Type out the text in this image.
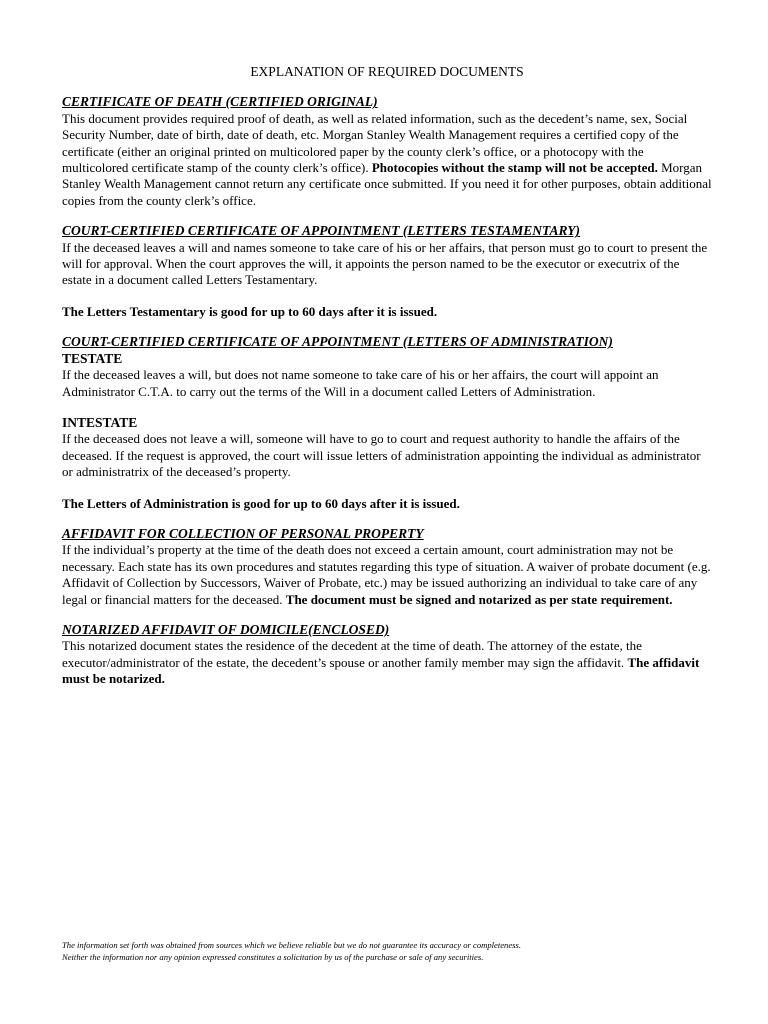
EXPLANATION OF REQUIRED DOCUMENTS
CERTIFICATE OF DEATH (CERTIFIED ORIGINAL)

This document provides required proof of death, as well as related information, such as the decedent’s name, sex, Social Security Number, date of birth, date of death, etc. Morgan Stanley Wealth Management requires a certified copy of the certificate (either an original printed on multicolored paper by the county clerk’s office, or a photocopy with the multicolored certificate stamp of the county clerk’s office). Photocopies without the stamp will not be accepted. Morgan Stanley Wealth Management cannot return any certificate once submitted. If you need it for other purposes, obtain additional copies from the county clerk’s office.

COURT-CERTIFIED CERTIFICATE OF APPOINTMENT (LETTERS TESTAMENTARY)

If the deceased leaves a will and names someone to take care of his or her affairs, that person must go to court to present the will for approval. When the court approves the will, it appoints the person named to be the executor or executrix of the estate in a document called Letters Testamentary.

The Letters Testamentary is good for up to 60 days after it is issued.

COURT-CERTIFIED CERTIFICATE OF APPOINTMENT (LETTERS OF ADMINISTRATION)
TESTATE

If the deceased leaves a will, but does not name someone to take care of his or her affairs, the court will appoint an Administrator C.T.A. to carry out the terms of the Will in a document called Letters of Administration.

INTESTATE

If the deceased does not leave a will, someone will have to go to court and request authority to handle the affairs of the deceased. If the request is approved, the court will issue letters of administration appointing the individual as administrator or administratrix of the deceased’s property.

The Letters of Administration is good for up to 60 days after it is issued.

AFFIDAVIT FOR COLLECTION OF PERSONAL PROPERTY

If the individual’s property at the time of the death does not exceed a certain amount, court administration may not be necessary. Each state has its own procedures and statutes regarding this type of situation. A waiver of probate document (e.g. Affidavit of Collection by Successors, Waiver of Probate, etc.) may be issued authorizing an individual to take care of any legal or financial matters for the deceased. The document must be signed and notarized as per state requirement.

NOTARIZED AFFIDAVIT OF DOMICILE(ENCLOSED)

This notarized document states the residence of the decedent at the time of death. The attorney of the estate, the executor/administrator of the estate, the decedent’s spouse or another family member may sign the affidavit. The affidavit must be notarized.

The information set forth was obtained from sources which we believe reliable but we do not guarantee its accuracy or completeness.
Neither the information nor any opinion expressed constitutes a solicitation by us of the purchase or sale of any securities.
